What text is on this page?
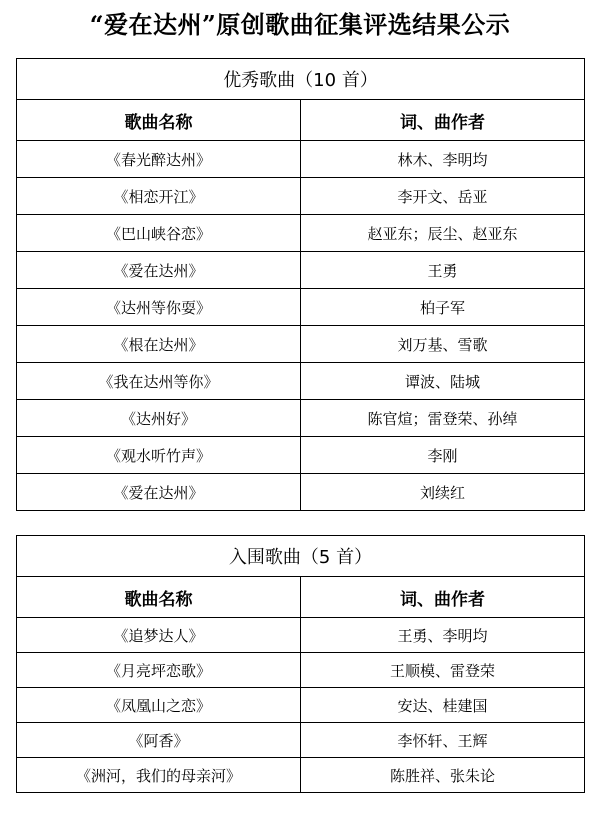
“爱在达州”原创歌曲征集评选结果公示
优秀歌曲（10 首）	
歌曲名称	词、曲作者
《春光醉达州》	林木、李明均
《相恋开江》	李开文、岳亚
《巴山峡谷恋》	赵亚东；辰尘、赵亚东
《爱在达州》	王勇
《达州等你耍》	柏子军
《根在达州》	刘万基、雪歌
《我在达州等你》	谭波、陆城
《达州好》	陈官煊；雷登荣、孙绰
《观水听竹声》	李刚
《爱在达州》	刘续红
入围歌曲（5 首）	
歌曲名称	词、曲作者
《追梦达人》	王勇、李明均
《月亮坪恋歌》	王顺模、雷登荣
《凤凰山之恋》	安达、桂建国
《阿香》	李怀轩、王辉
《洲河，我们的母亲河》	陈胜祥、张朱论
